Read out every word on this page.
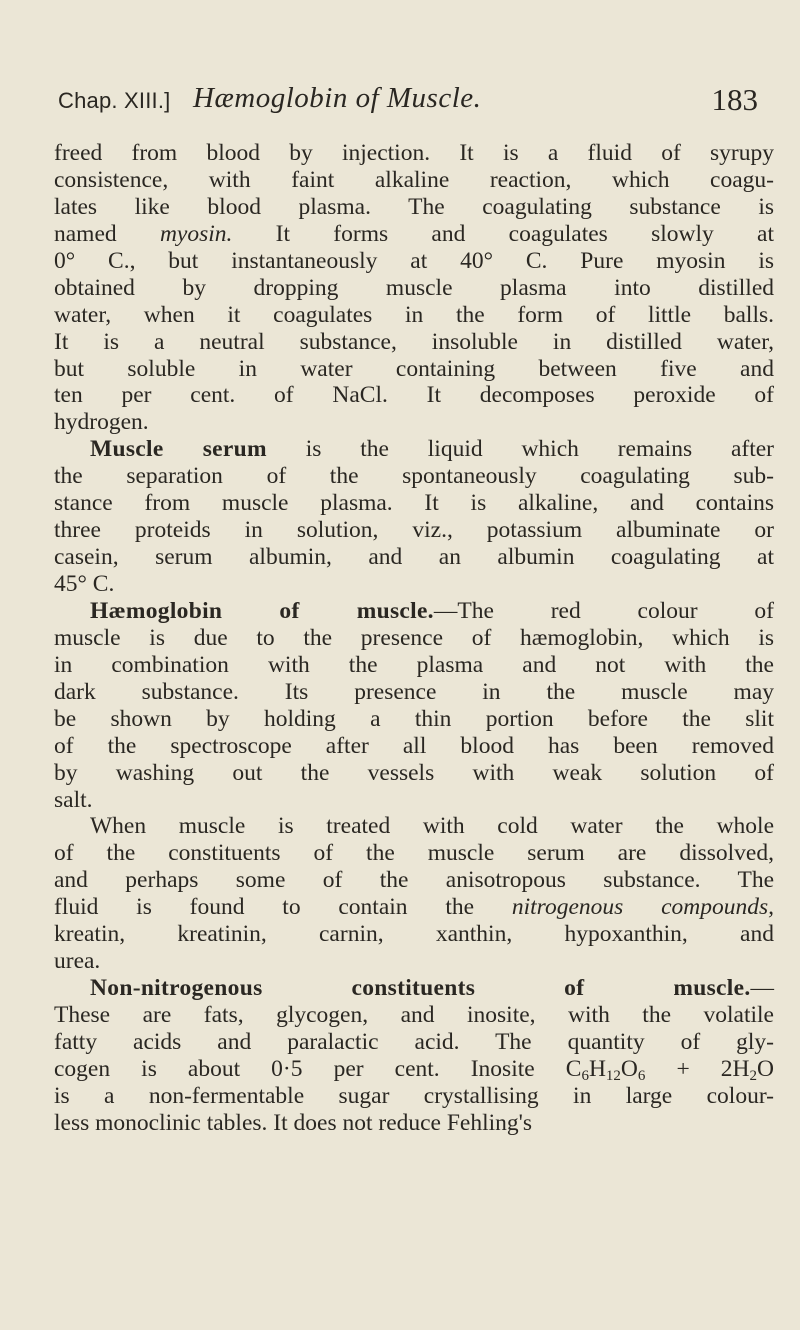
Chap. XIII.] Hæmoglobin of Muscle.	183
freed from blood by injection. It is a fluid of syrupy
consistence, with faint alkaline reaction, which coagu-
lates like blood plasma. The coagulating substance is
named myosin. It forms and coagulates slowly at
0° C., but instantaneously at 40° C. Pure myosin is
obtained by dropping muscle plasma into distilled
water, when it coagulates in the form of little balls.
It is a neutral substance, insoluble in distilled water,
but soluble in water containing between five and
ten per cent. of NaCl. It decomposes peroxide of
hydrogen.
Muscle serum is the liquid which remains after
the separation of the spontaneously coagulating sub-
stance from muscle plasma. It is alkaline, and contains
three proteids in solution, viz., potassium albuminate or
casein, serum albumin, and an albumin coagulating at
45° C.
Hæmoglobin of muscle.—The red colour of
muscle is due to the presence of hæmoglobin, which is
in combination with the plasma and not with the
dark substance. Its presence in the muscle may
be shown by holding a thin portion before the slit
of the spectroscope after all blood has been removed
by washing out the vessels with weak solution of
salt.
When muscle is treated with cold water the whole
of the constituents of the muscle serum are dissolved,
and perhaps some of the anisotropous substance. The
fluid is found to contain the nitrogenous compounds,
kreatin, kreatinin, carnin, xanthin, hypoxanthin, and
urea.
Non-nitrogenous constituents of muscle.—
These are fats, glycogen, and inosite, with the volatile
fatty acids and paralactic acid. The quantity of gly-
cogen is about 0·5 per cent. Inosite $C_6H_{12}O_6 + 2H_2O$
is a non-fermentable sugar crystallising in large colour-
less monoclinic tables. It does not reduce Fehling's
